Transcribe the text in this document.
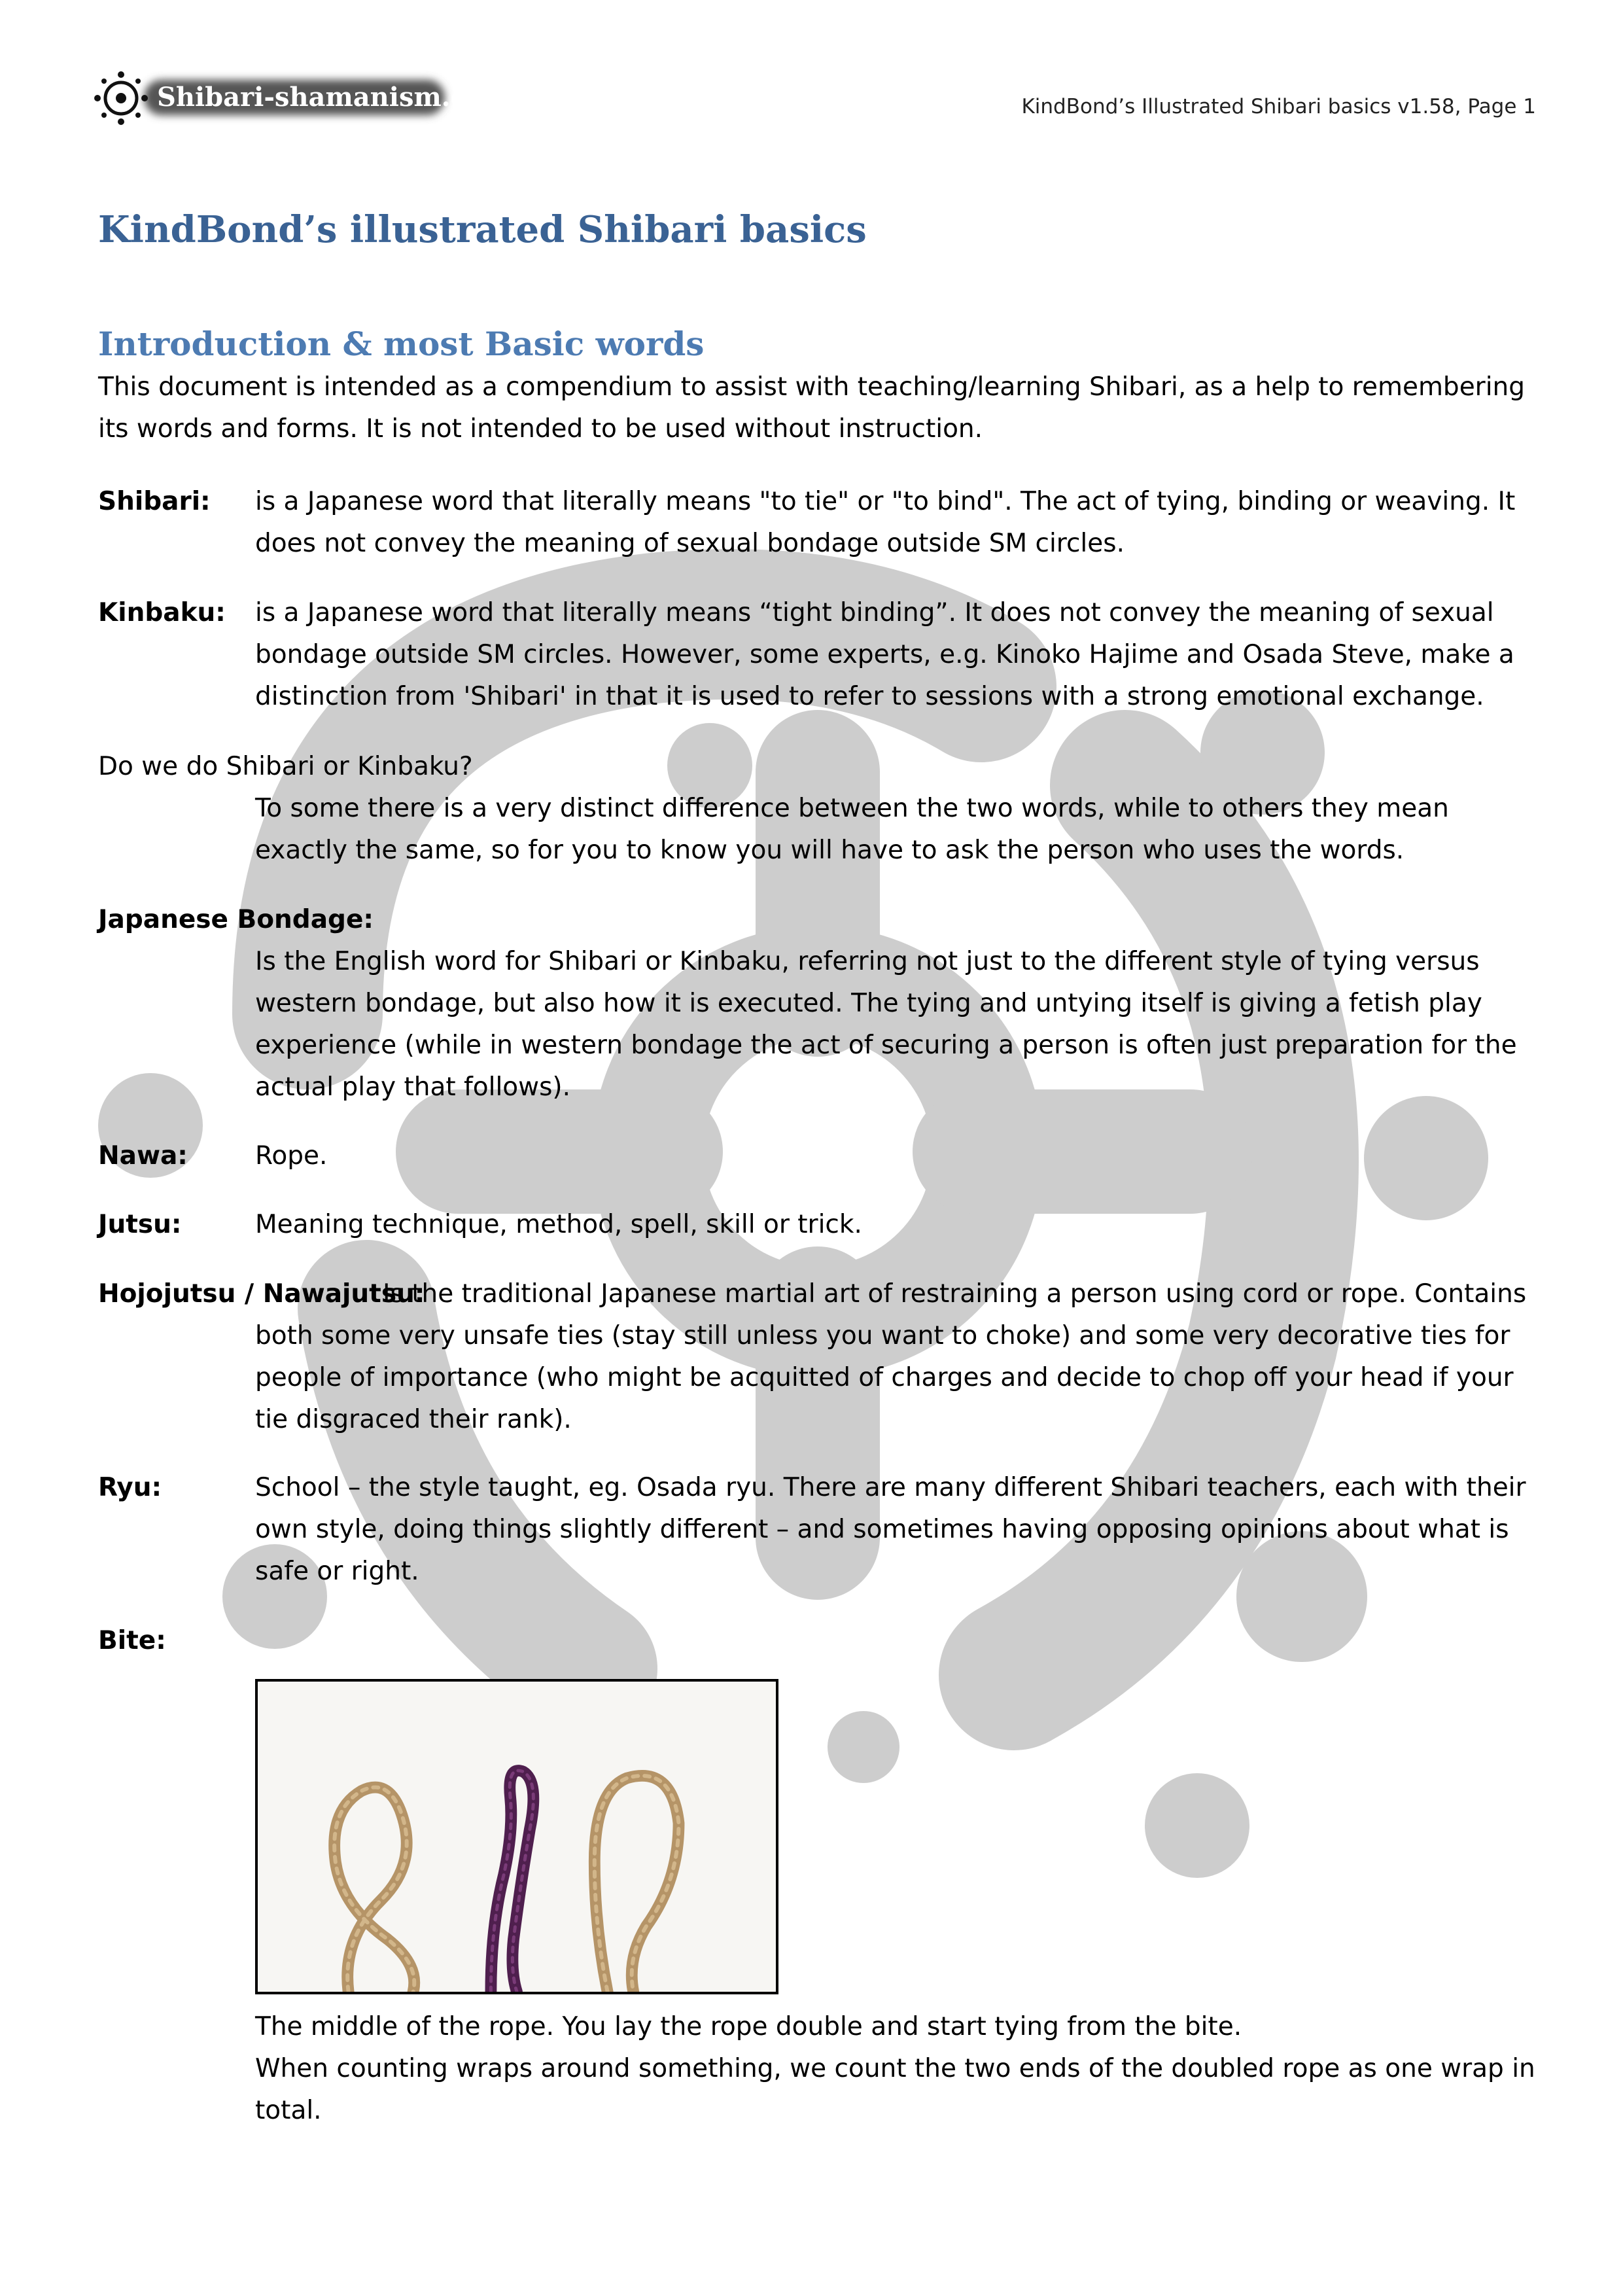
Shibari-shamanism.dk	KindBond’s Illustrated Shibari basics v1.58, Page 1
KindBond’s illustrated Shibari basics
Introduction & most Basic words
This document is intended as a compendium to assist with teaching/learning Shibari, as a help to remembering its words and forms. It is not intended to be used without instruction.
Shibari: is a Japanese word that literally means "to tie" or "to bind". The act of tying, binding or weaving. It does not convey the meaning of sexual bondage outside SM circles.
Kinbaku: is a Japanese word that literally means “tight binding”. It does not convey the meaning of sexual bondage outside SM circles. However, some experts, e.g. Kinoko Hajime and Osada Steve, make a distinction from 'Shibari' in that it is used to refer to sessions with a strong emotional exchange.
Do we do Shibari or Kinbaku?
To some there is a very distinct difference between the two words, while to others they mean exactly the same, so for you to know you will have to ask the person who uses the words.
Japanese Bondage:
Is the English word for Shibari or Kinbaku, referring not just to the different style of tying versus western bondage, but also how it is executed. The tying and untying itself is giving a fetish play experience (while in western bondage the act of securing a person is often just preparation for the actual play that follows).
Nawa:	Rope.
Jutsu:	Meaning technique, method, spell, skill or trick.
Hojojutsu / Nawajutsu:
Is the traditional Japanese martial art of restraining a person using cord or rope. Contains
both some very unsafe ties (stay still unless you want to choke) and some very decorative ties for people of importance (who might be acquitted of charges and decide to chop off your head if your tie disgraced their rank).
Ryu:	School – the style taught, eg. Osada ryu. There are many different Shibari teachers, each with their own style, doing things slightly different – and sometimes having opposing opinions about what is safe or right.
Bite:
The middle of the rope. You lay the rope double and start tying from the bite.
When counting wraps around something, we count the two ends of the doubled rope as one wrap in total.
